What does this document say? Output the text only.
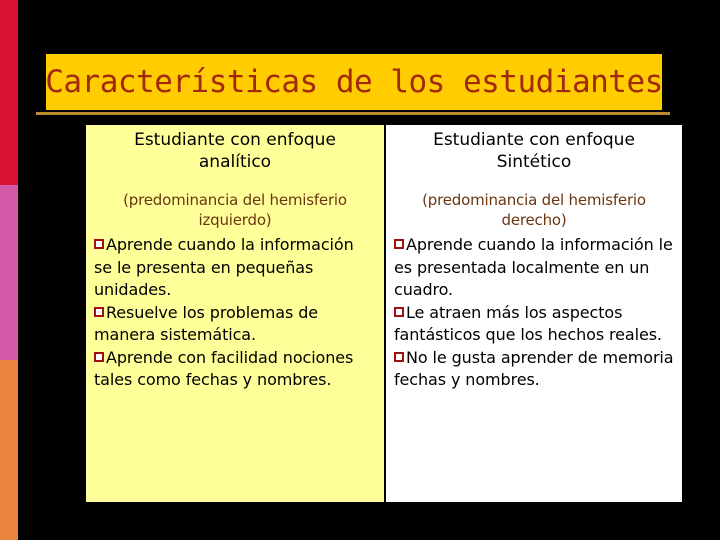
Características de los estudiantes
Estudiante con enfoque
analítico
(predominancia del hemisferio
izquierdo)
Aprende cuando la información se le presenta en pequeñas unidades.
Resuelve los problemas de manera sistemática.
Aprende con facilidad nociones tales como fechas y nombres.
Estudiante con enfoque
Sintético
(predominancia del hemisferio
derecho)
Aprende cuando la información le es presentada localmente en un cuadro.
Le atraen más los aspectos fantásticos que los hechos reales.
No le gusta aprender de memoria fechas y nombres.
